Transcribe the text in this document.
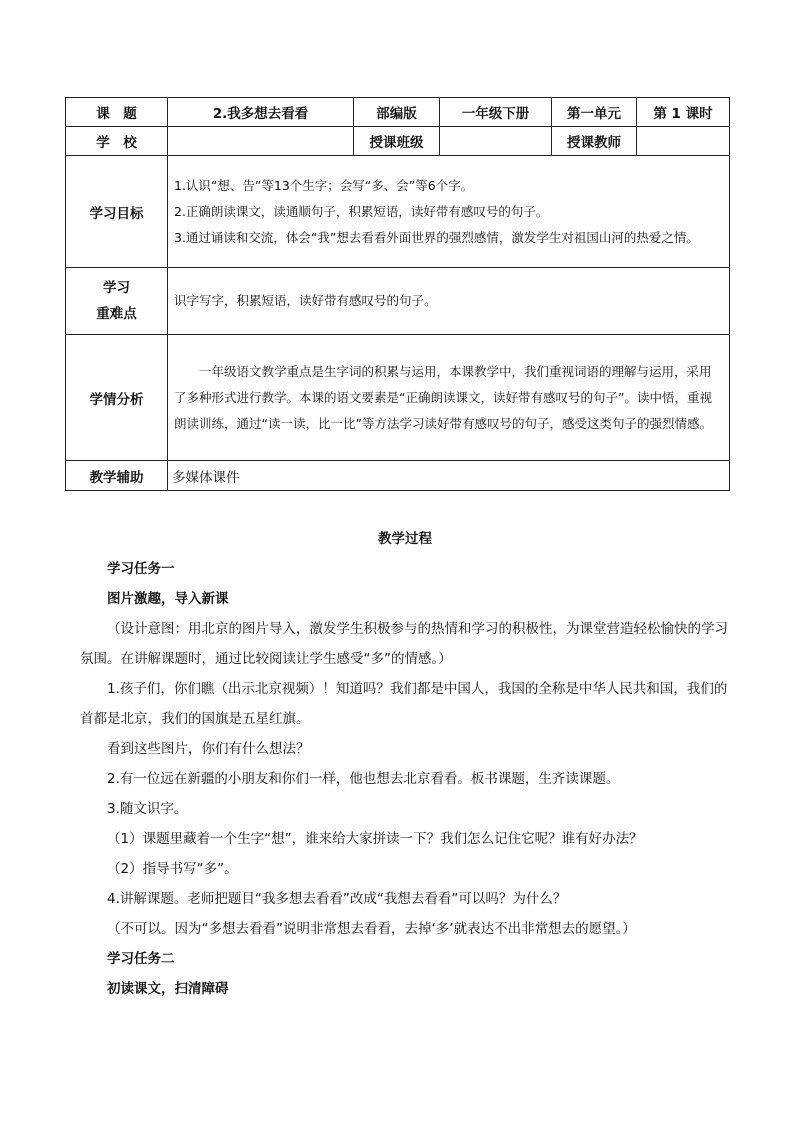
课　题	2.我多想去看看	部编版	一年级下册	第一单元	第 1 课时
学　校		授课班级		授课教师	
学习目标	1.认识“想、告”等13个生字；会写“多、会”等6个字。

2.正确朗读课文，读通顺句子，积累短语，读好带有感叹号的句子。

3.通过诵读和交流，体会“我”想去看看外面世界的强烈感情，激发学生对祖国山河的热爱之情。				

学习
重难点	识字写字，积累短语，读好带有感叹号的句子。				
学情分析	一年级语文教学重点是生字词的积累与运用，本课教学中，我们重视词语的理解与运用，采用了多种形式进行教学。本课的语文要素是“正确朗读课文，读好带有感叹号的句子”。读中悟，重视朗读训练，通过“读一读，比一比”等方法学习读好带有感叹号的句子，感受这类句子的强烈情感。				

教学辅助	多媒体课件				

教学过程

学习任务一

图片激趣，导入新课

（设计意图：用北京的图片导入，激发学生积极参与的热情和学习的积极性，为课堂营造轻松愉快的学习氛围。在讲解课题时，通过比较阅读让学生感受“多”的情感。）

1.孩子们，你们瞧（出示北京视频）！知道吗？我们都是中国人，我国的全称是中华人民共和国，我们的首都是北京，我们的国旗是五星红旗。

看到这些图片，你们有什么想法？

2.有一位远在新疆的小朋友和你们一样，他也想去北京看看。板书课题，生齐读课题。

3.随文识字。

（1）课题里藏着一个生字“想”，谁来给大家拼读一下？我们怎么记住它呢？谁有好办法？

（2）指导书写“多”。

4.讲解课题。老师把题目“我多想去看看”改成“我想去看看”可以吗？为什么？

（不可以。因为“多想去看看”说明非常想去看看，去掉‘多’就表达不出非常想去的愿望。）

学习任务二

初读课文，扫清障碍
